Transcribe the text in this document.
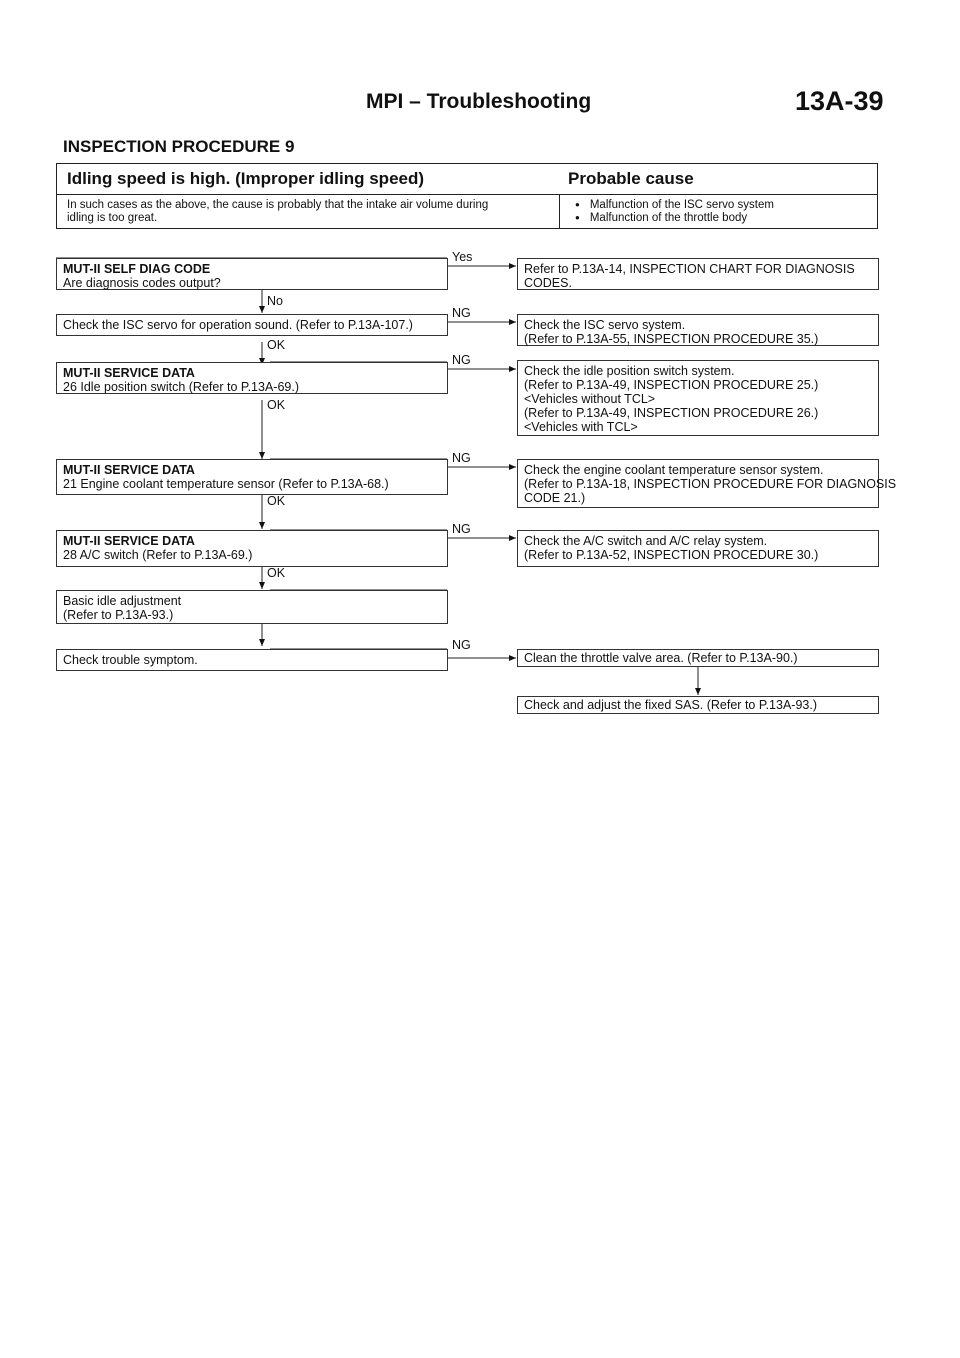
MPI – Troubleshooting	13A-39
INSPECTION PROCEDURE 9
Idling speed is high. (Improper idling speed)	Probable cause
In such cases as the above, the cause is probably that the intake air volume during
idling is too great.
● Malfunction of the ISC servo system
● Malfunction of the throttle body
MUT-II SELF DIAG CODE
Are diagnosis codes output?
Yes
Refer to P.13A-14, INSPECTION CHART FOR DIAGNOSIS
CODES.
No
Check the ISC servo for operation sound. (Refer to P.13A-107.)
NG
Check the ISC servo system.
(Refer to P.13A-55, INSPECTION PROCEDURE 35.)
OK
MUT-II SERVICE DATA
26 Idle position switch (Refer to P.13A-69.)
NG
Check the idle position switch system.
(Refer to P.13A-49, INSPECTION PROCEDURE 25.)
<Vehicles without TCL>
(Refer to P.13A-49, INSPECTION PROCEDURE 26.)
<Vehicles with TCL>
OK
MUT-II SERVICE DATA
21 Engine coolant temperature sensor (Refer to P.13A-68.)
NG
Check the engine coolant temperature sensor system.
(Refer to P.13A-18, INSPECTION PROCEDURE FOR DIAGNOSIS
CODE 21.)
OK
MUT-II SERVICE DATA
28 A/C switch (Refer to P.13A-69.)
NG
Check the A/C switch and A/C relay system.
(Refer to P.13A-52, INSPECTION PROCEDURE 30.)
OK
Basic idle adjustment
(Refer to P.13A-93.)
Check trouble symptom.
NG
Clean the throttle valve area. (Refer to P.13A-90.)
Check and adjust the fixed SAS. (Refer to P.13A-93.)
